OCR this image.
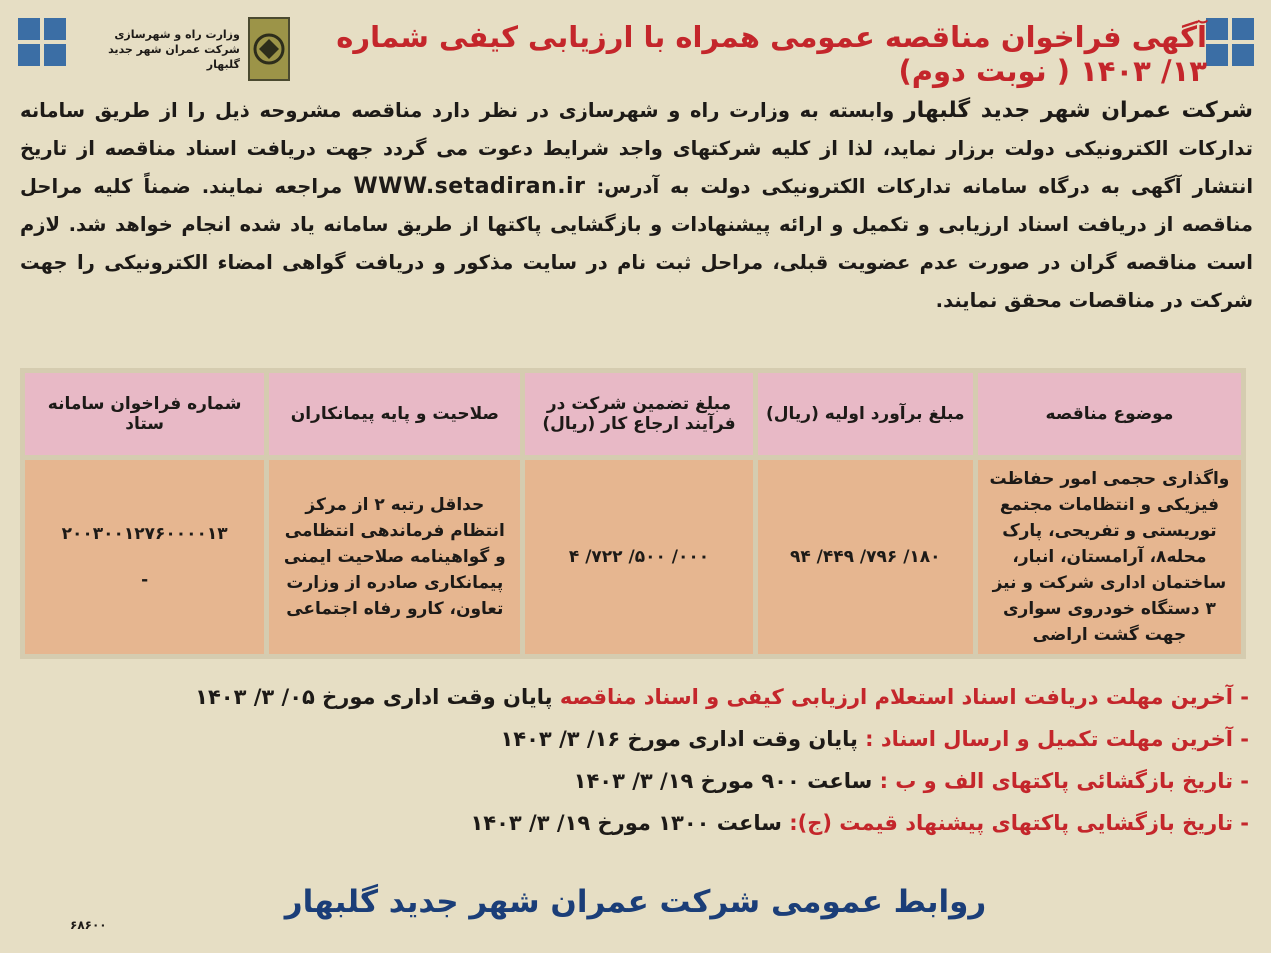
وزارت راه و شهرسازی
شرکت عمران شهر جدید گلبهار
آگهی فراخوان مناقصه عمومی همراه با ارزیابی کیفی شماره ۱۳/ ۱۴۰۳ ( نوبت دوم)
شرکت عمران شهر جدید گلبهار وابسته به وزارت راه و شهرسازی در نظر دارد مناقصه مشروحه ذیل را از طریق سامانه تدارکات الکترونیکی دولت برزار نماید، لذا از کلیه شرکتهای واجد شرایط دعوت می گردد جهت دریافت اسناد مناقصه از تاریخ انتشار آگهی به درگاه سامانه تدارکات الکترونیکی دولت به آدرس: WWW.setadiran.ir مراجعه نمایند. ضمناً کلیه مراحل مناقصه از دریافت اسناد ارزیابی و تکمیل و ارائه پیشنهادات و بازگشایی پاکتها از طریق سامانه یاد شده انجام خواهد شد. لازم است مناقصه گران در صورت عدم عضویت قبلی، مراحل ثبت نام در سایت مذکور و دریافت گواهی امضاء الکترونیکی را جهت شرکت در مناقصات محقق نمایند.
موضوع مناقصه	مبلغ برآورد اولیه (ریال)	مبلغ تضمین شرکت در فرآیند ارجاع کار (ریال)	صلاحیت و پایه پیمانکاران	شماره فراخوان سامانه ستاد
واگذاری حجمی امور حفاظت فیزیکی و انتظامات مجتمع توریستی و تفریحی، پارک محله۸، آرامستان، انبار، ساختمان اداری شرکت و نیز ۳ دستگاه خودروی سواری جهت گشت اراضی	۱۸۰/ ۷۹۶/ ۴۴۹/ ۹۴	۰۰۰/ ۵۰۰/ ۷۲۲/ ۴	حداقل رتبه ۲ از مرکز انتظام فرماندهی انتظامی و گواهینامه صلاحیت ایمنی پیمانکاری صادره از وزارت تعاون، کارو رفاه اجتماعی	۲۰۰۳۰۰۱۲۷۶۰۰۰۰۱۳
-
- آخرین مهلت دریافت اسناد استعلام ارزیابی کیفی و اسناد مناقصه پایان وقت اداری مورخ ۰۵/ ۳/ ۱۴۰۳
- آخرین مهلت تکمیل و ارسال اسناد : پایان وقت اداری مورخ ۱۶/ ۳/ ۱۴۰۳
- تاریخ بازگشائی پاکتهای الف و ب : ساعت ۹۰۰ مورخ ۱۹/ ۳/ ۱۴۰۳
- تاریخ بازگشایی پاکتهای پیشنهاد قیمت (ج): ساعت ۱۳۰۰ مورخ ۱۹/ ۳/ ۱۴۰۳
روابط عمومی شرکت عمران شهر جدید گلبهار
۶۸۶۰۰
